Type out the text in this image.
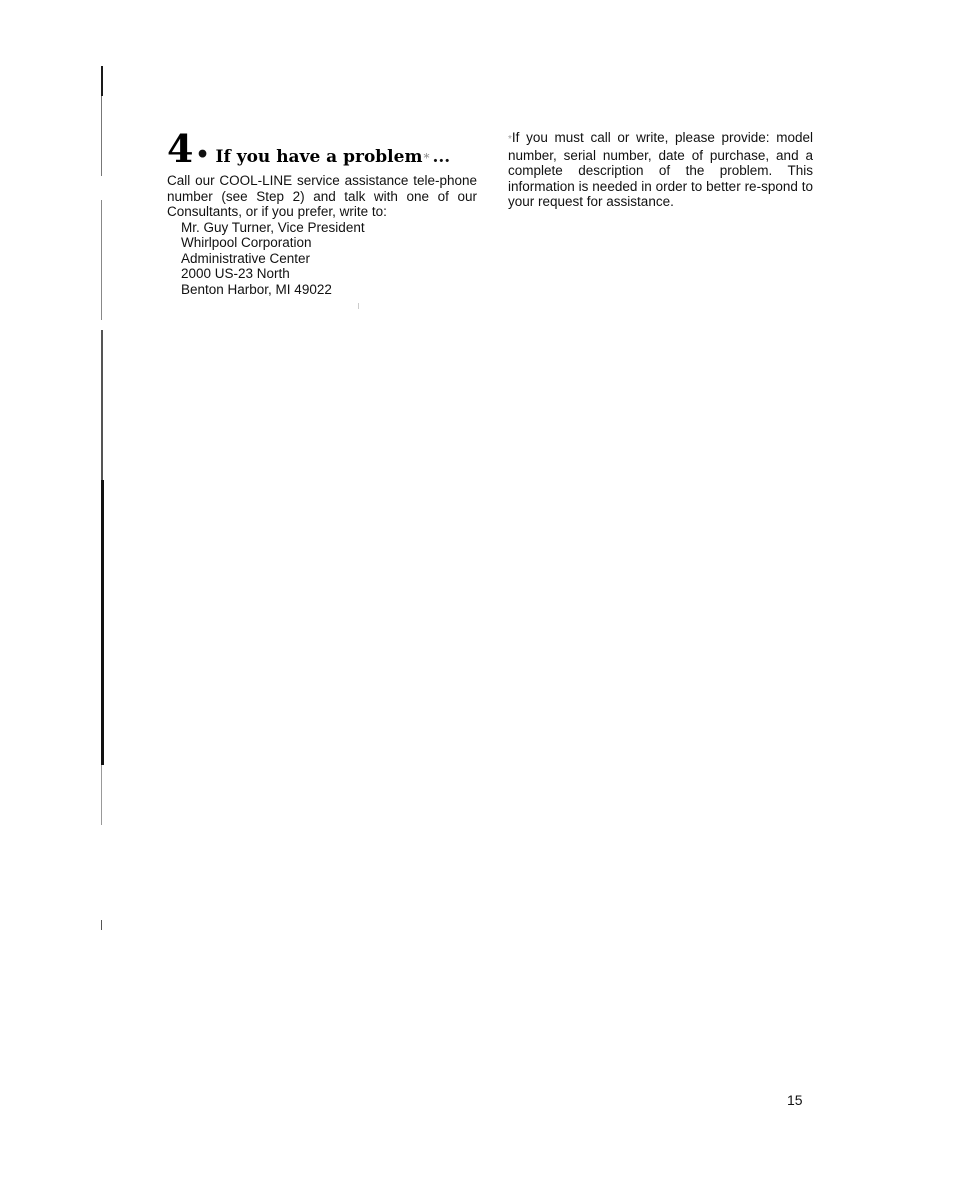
4 • If you have a problem * ...

Call our COOL-LINE service assistance tele-phone number (see Step 2) and talk with one of our Consultants, or if you prefer, write to:

Mr. Guy Turner, Vice President
Whirlpool Corporation
Administrative Center
2000 US-23 North
Benton Harbor, MI 49022
*If you must call or write, please provide: model number, serial number, date of purchase, and a complete description of the problem. This information is needed in order to better re-spond to your request for assistance.
15
